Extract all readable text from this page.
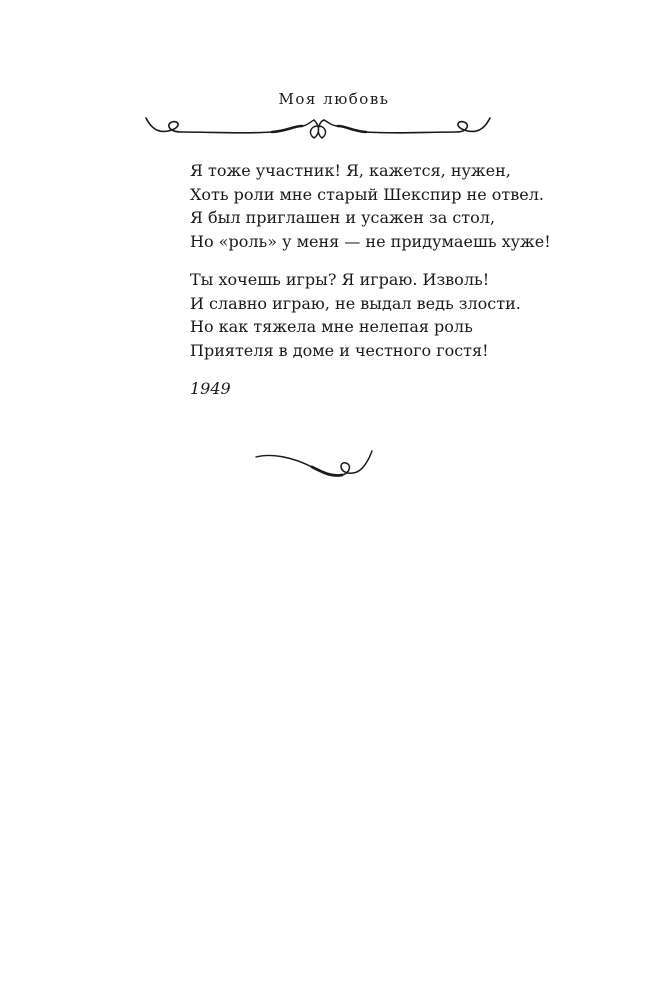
Моя любовь
Я тоже участник! Я, кажется, нужен,
Хоть роли мне старый Шекспир не отвел.
Я был приглашен и усажен за стол,
Но «роль» у меня — не придумаешь хуже!
Ты хочешь игры? Я играю. Изволь!
И славно играю, не выдал ведь злости.
Но как тяжела мне нелепая роль
Приятеля в доме и честного гостя!
1949
